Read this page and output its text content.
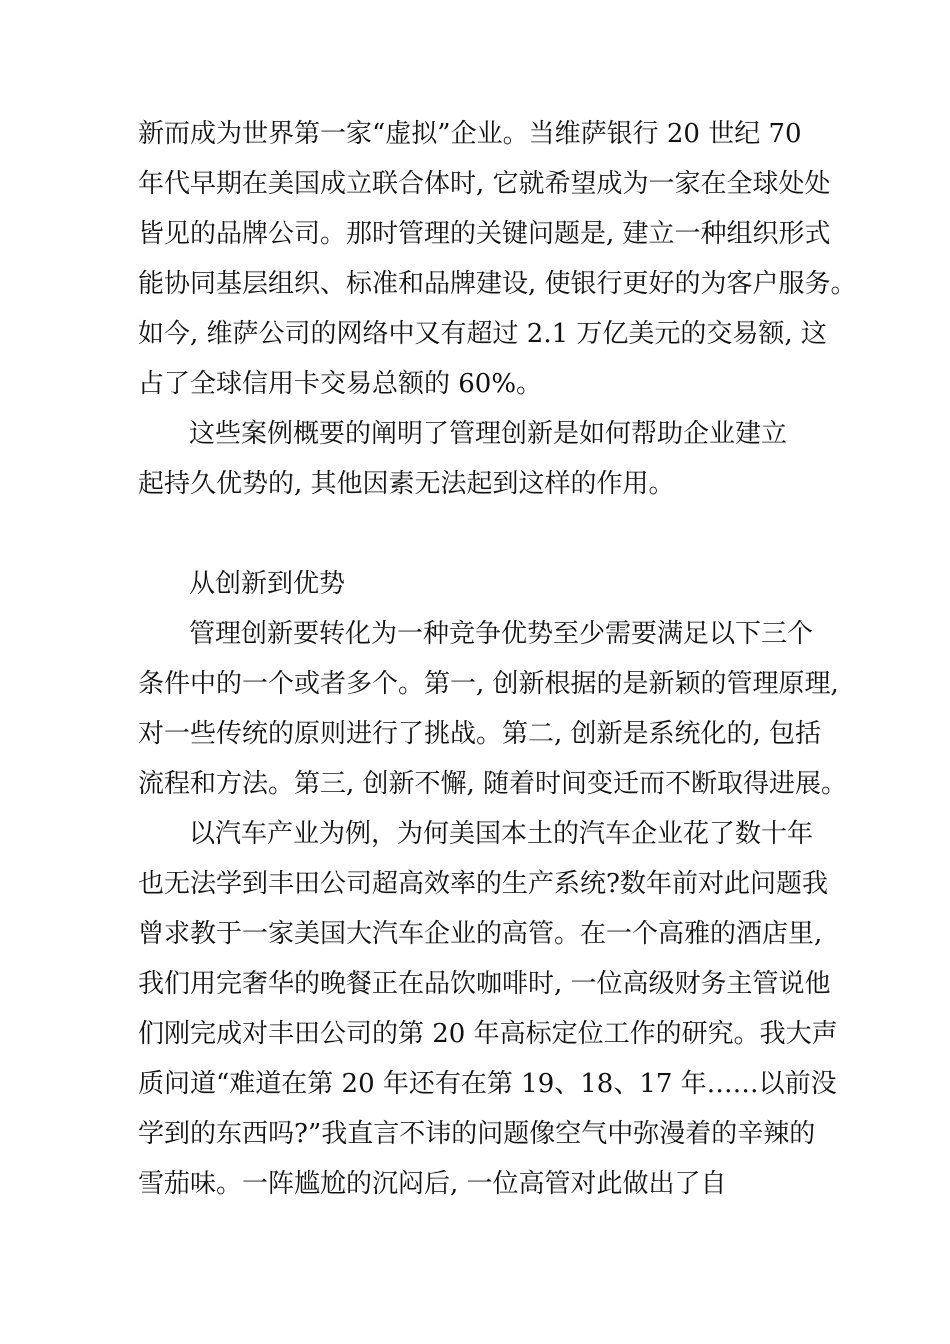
新而成为世界第一家“虚拟”企业。当维萨银行 20 世纪 70
年代早期在美国成立联合体时, 它就希望成为一家在全球处处
皆见的品牌公司。那时管理的关键问题是, 建立一种组织形式
能协同基层组织、标准和品牌建设, 使银行更好的为客户服务。
如今, 维萨公司的网络中又有超过 2.1 万亿美元的交易额, 这
占了全球信用卡交易总额的 60%。
这些案例概要的阐明了管理创新是如何帮助企业建立
起持久优势的, 其他因素无法起到这样的作用。
从创新到优势
管理创新要转化为一种竞争优势至少需要满足以下三个
条件中的一个或者多个。第一, 创新根据的是新颖的管理原理,
对一些传统的原则进行了挑战。第二, 创新是系统化的, 包括
流程和方法。第三, 创新不懈, 随着时间变迁而不断取得进展。
以汽车产业为例，为何美国本土的汽车企业花了数十年
也无法学到丰田公司超高效率的生产系统?数年前对此问题我
曾求教于一家美国大汽车企业的高管。在一个高雅的酒店里,
我们用完奢华的晚餐正在品饮咖啡时, 一位高级财务主管说他
们刚完成对丰田公司的第 20 年高标定位工作的研究。我大声
质问道“难道在第 20 年还有在第 19、18、17 年……以前没
学到的东西吗?”我直言不讳的问题像空气中弥漫着的辛辣的
雪茄味。一阵尴尬的沉闷后, 一位高管对此做出了自
